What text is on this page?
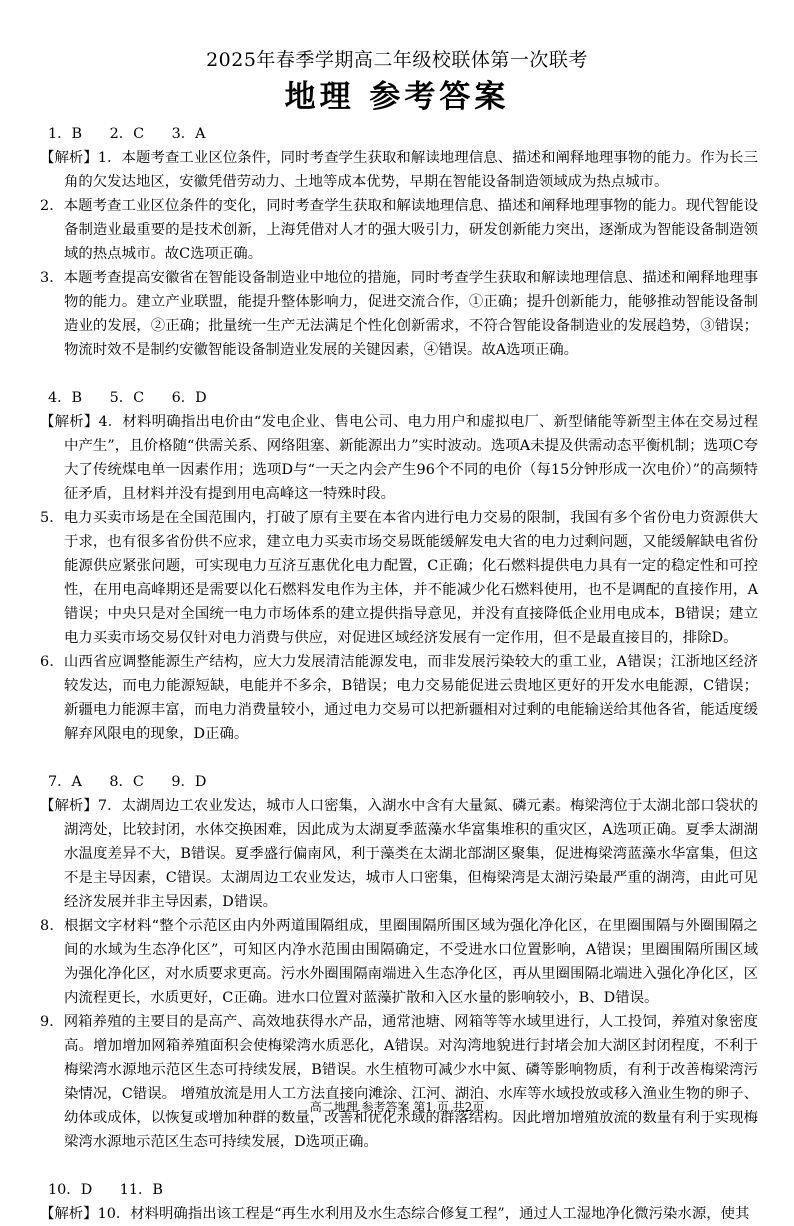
2025年春季学期高二年级校联体第一次联考
地理 参考答案
1．B      2．C      3．A
【解析】1．本题考查工业区位条件，同时考查学生获取和解读地理信息、描述和阐释地理事物的能力。作为长三角的欠发达地区，安徽凭借劳动力、土地等成本优势，早期在智能设备制造领域成为热点城市。
2．本题考查工业区位条件的变化，同时考查学生获取和解读地理信息、描述和阐释地理事物的能力。现代智能设备制造业最重要的是技术创新，上海凭借对人才的强大吸引力，研发创新能力突出，逐渐成为智能设备制造领域的热点城市。故C选项正确。
3．本题考查提高安徽省在智能设备制造业中地位的措施，同时考查学生获取和解读地理信息、描述和阐释地理事物的能力。建立产业联盟，能提升整体影响力，促进交流合作，①正确；提升创新能力，能够推动智能设备制造业的发展，②正确；批量统一生产无法满足个性化创新需求，不符合智能设备制造业的发展趋势，③错误；物流时效不是制约安徽智能设备制造业发展的关键因素，④错误。故A选项正确。
4．B      5．C      6．D
【解析】4．材料明确指出电价由“发电企业、售电公司、电力用户和虚拟电厂、新型储能等新型主体在交易过程中产生”，且价格随“供需关系、网络阻塞、新能源出力”实时波动。选项A未提及供需动态平衡机制；选项C夸大了传统煤电单一因素作用；选项D与“一天之内会产生96个不同的电价（每15分钟形成一次电价）”的高频特征矛盾，且材料并没有提到用电高峰这一特殊时段。
5．电力买卖市场是在全国范围内，打破了原有主要在本省内进行电力交易的限制，我国有多个省份电力资源供大于求，也有很多省份供不应求，建立电力买卖市场交易既能缓解发电大省的电力过剩问题，又能缓解缺电省份能源供应紧张问题，可实现电力互济互惠优化电力配置，C正确；化石燃料提供电力具有一定的稳定性和可控性，在用电高峰期还是需要以化石燃料发电作为主体，并不能减少化石燃料使用，也不是调配的直接作用，A错误；中央只是对全国统一电力市场体系的建立提供指导意见，并没有直接降低企业用电成本，B错误；建立电力买卖市场交易仅针对电力消费与供应，对促进区域经济发展有一定作用，但不是最直接目的，排除D。
6．山西省应调整能源生产结构，应大力发展清洁能源发电，而非发展污染较大的重工业，A错误；江浙地区经济较发达，而电力能源短缺，电能并不多余，B错误；电力交易能促进云贵地区更好的开发水电能源，C错误；新疆电力能源丰富，而电力消费量较小，通过电力交易可以把新疆相对过剩的电能输送给其他各省，能适度缓解弃风限电的现象，D正确。
7．A      8．C      9．D
【解析】7．太湖周边工农业发达，城市人口密集，入湖水中含有大量氮、磷元素。梅梁湾位于太湖北部口袋状的湖湾处，比较封闭，水体交换困难，因此成为太湖夏季蓝藻水华富集堆积的重灾区，A选项正确。夏季太湖湖水温度差异不大，B错误。夏季盛行偏南风，利于藻类在太湖北部湖区聚集，促进梅梁湾蓝藻水华富集，但这不是主导因素，C错误。太湖周边工农业发达，城市人口密集，但梅梁湾是太湖污染最严重的湖湾，由此可见经济发展并非主导因素，D错误。
8．根据文字材料“整个示范区由内外两道围隔组成，里圈围隔所围区域为强化净化区，在里圈围隔与外圈围隔之间的水域为生态净化区”，可知区内净水范围由围隔确定，不受进水口位置影响，A错误；里圈围隔所围区域为强化净化区，对水质要求更高。污水外圈围隔南端进入生态净化区，再从里圈围隔北端进入强化净化区，区内流程更长，水质更好，C正确。进水口位置对蓝藻扩散和入区水量的影响较小，B、D错误。
9．网箱养殖的主要目的是高产、高效地获得水产品，通常池塘、网箱等等水域里进行，人工投饲，养殖对象密度高。增加增加网箱养殖面积会使梅梁湾水质恶化，A错误。对沟湾地貌进行封堵会加大湖区封闭程度，不利于梅梁湾水源地示范区生态可持续发展，B错误。水生植物可减少水中氮、磷等影响物质，有利于改善梅梁湾污染情况，C错误。 增殖放流是用人工方法直接向滩涂、江河、湖泊、水库等水域投放或移入渔业生物的卵子、幼体或成体，以恢复或增加种群的数量，改善和优化水域的群落结构。因此增加增殖放流的数量有利于实现梅梁湾水源地示范区生态可持续发展，D选项正确。
10．D      11．B
【解析】10．材料明确指出该工程是“再生水利用及水生态综合修复工程”，通过人工湿地净化微污染水源，使其
高二地理 参考答案 第1 页 共2页
